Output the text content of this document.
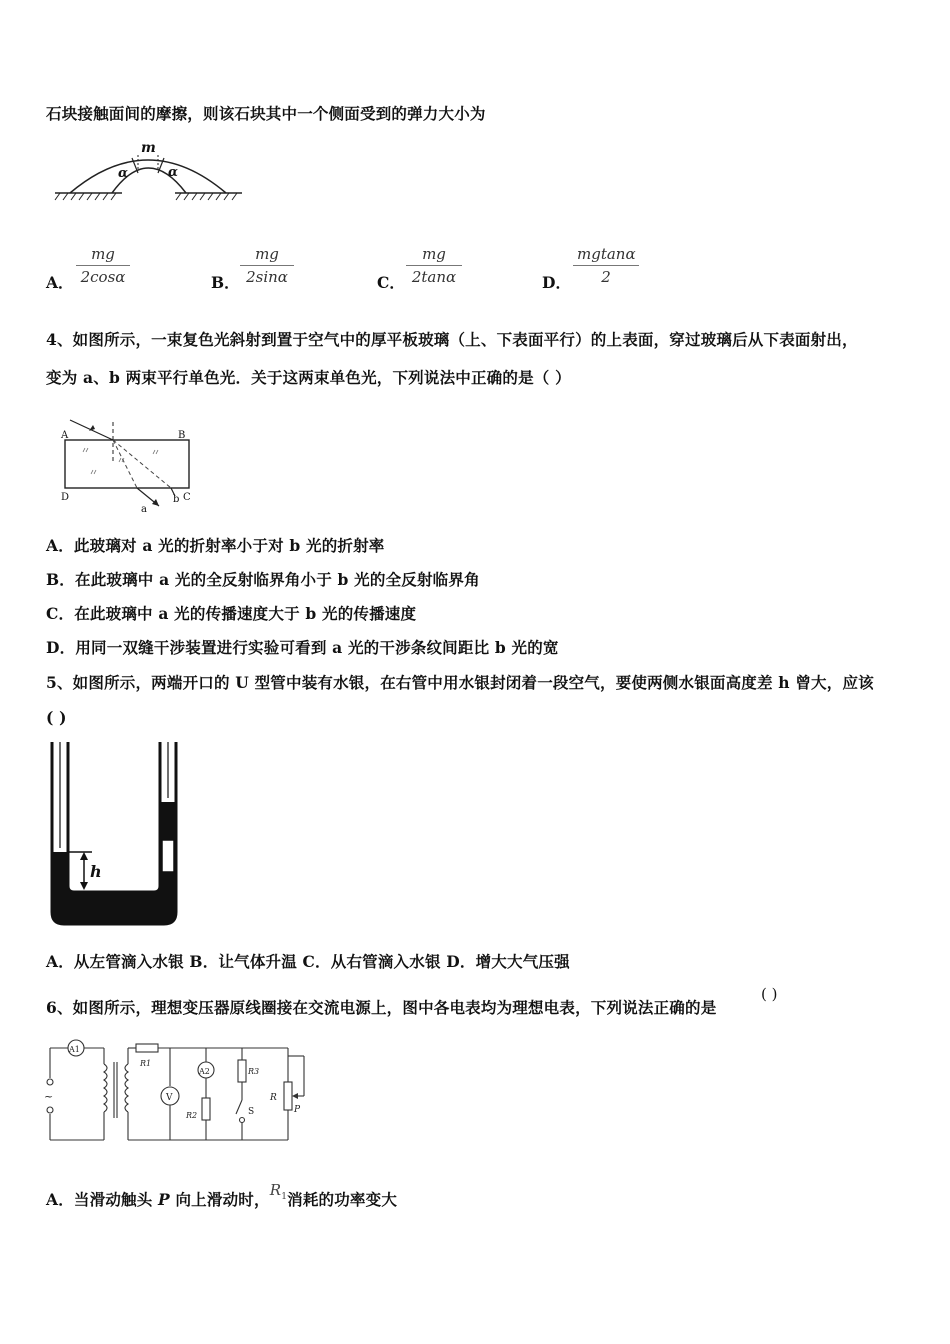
石块接触面间的摩擦，则该石块其中一个侧面受到的弹力大小为
m
α	α
A． $\frac{mg}{2\cos\alpha}$	B． $\frac{mg}{2\sin\alpha}$	C． $\frac{mg}{2\tan\alpha}$	D． $\frac{mgtan\alpha}{2}$
4、如图所示，一束复色光斜射到置于空气中的厚平板玻璃（上、下表面平行）的上表面，穿过玻璃后从下表面射出，
变为 a、b 两束平行单色光．关于这两束单色光，下列说法中正确的是（ ）
A	B
D	C
a
b
A．此玻璃对 a 光的折射率小于对 b 光的折射率
B．在此玻璃中 a 光的全反射临界角小于 b 光的全反射临界角
C．在此玻璃中 a 光的传播速度大于 b 光的传播速度
D．用同一双缝干涉装置进行实验可看到 a 光的干涉条纹间距比 b 光的宽
5、如图所示，两端开口的 U 型管中装有水银，在右管中用水银封闭着一段空气，要使两侧水银面高度差 h 曾大，应该
( )
h
A．从左管滴入水银 B．让气体升温 C．从右管滴入水银 D．增大大气压强
6、如图所示，理想变压器原线圈接在交流电源上，图中各电表均为理想电表，下列说法正确的是
( )
A1
~
R1
V
A2
R2
R3
S
R
P
A．当滑动触头 P 向上滑动时，$R_1$消耗的功率变大
